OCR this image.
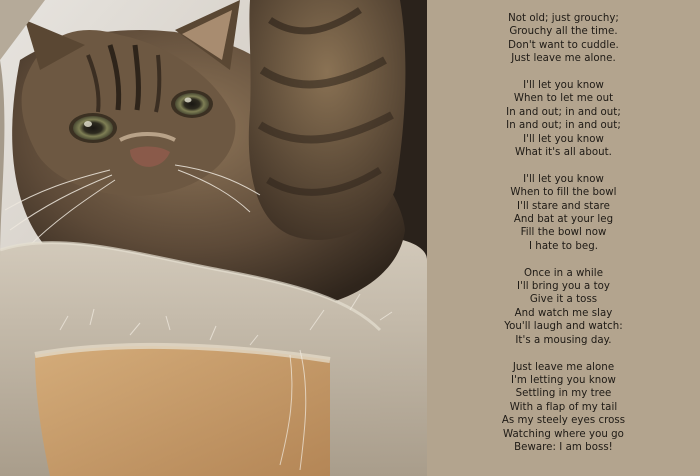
Not old; just grouchy;
Grouchy all the time.
Don't want to cuddle.
Just leave me alone.
I'll let you know
When to let me out
In and out; in and out;
In and out; in and out;
I'll let you know
What it's all about.
I'll let you know
When to fill the bowl
I'll stare and stare
And bat at your leg
Fill the bowl now
I hate to beg.
Once in a while
I'll bring you a toy
Give it a toss
And watch me slay
You'll laugh and watch:
It's a mousing day.
Just leave me alone
I'm letting you know
Settling in my tree
With a flap of my tail
As my steely eyes cross
Watching where you go
Beware: I am boss!
